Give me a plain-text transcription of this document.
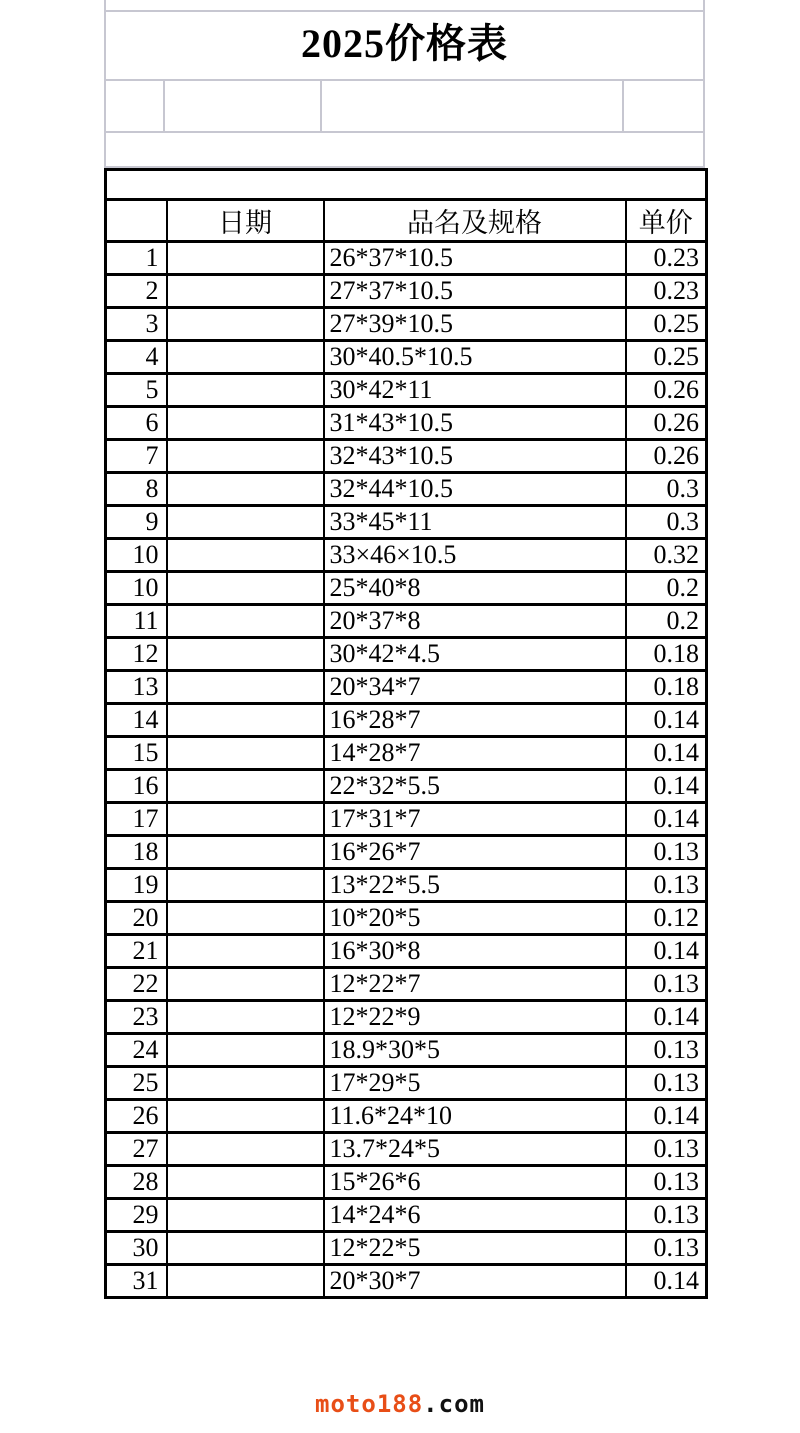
2025价格表

	日期	品名及规格	单价
1		26*37*10.5	0.23
2		27*37*10.5	0.23
3		27*39*10.5	0.25
4		30*40.5*10.5	0.25
5		30*42*11	0.26
6		31*43*10.5	0.26
7		32*43*10.5	0.26
8		32*44*10.5	0.3
9		33*45*11	0.3
10		33×46×10.5	0.32
10		25*40*8	0.2
11		20*37*8	0.2
12		30*42*4.5	0.18
13		20*34*7	0.18
14		16*28*7	0.14
15		14*28*7	0.14
16		22*32*5.5	0.14
17		17*31*7	0.14
18		16*26*7	0.13
19		13*22*5.5	0.13
20		10*20*5	0.12
21		16*30*8	0.14
22		12*22*7	0.13
23		12*22*9	0.14
24		18.9*30*5	0.13
25		17*29*5	0.13
26		11.6*24*10	0.14
27		13.7*24*5	0.13
28		15*26*6	0.13
29		14*24*6	0.13
30		12*22*5	0.13
31		20*30*7	0.14
moto188.com
